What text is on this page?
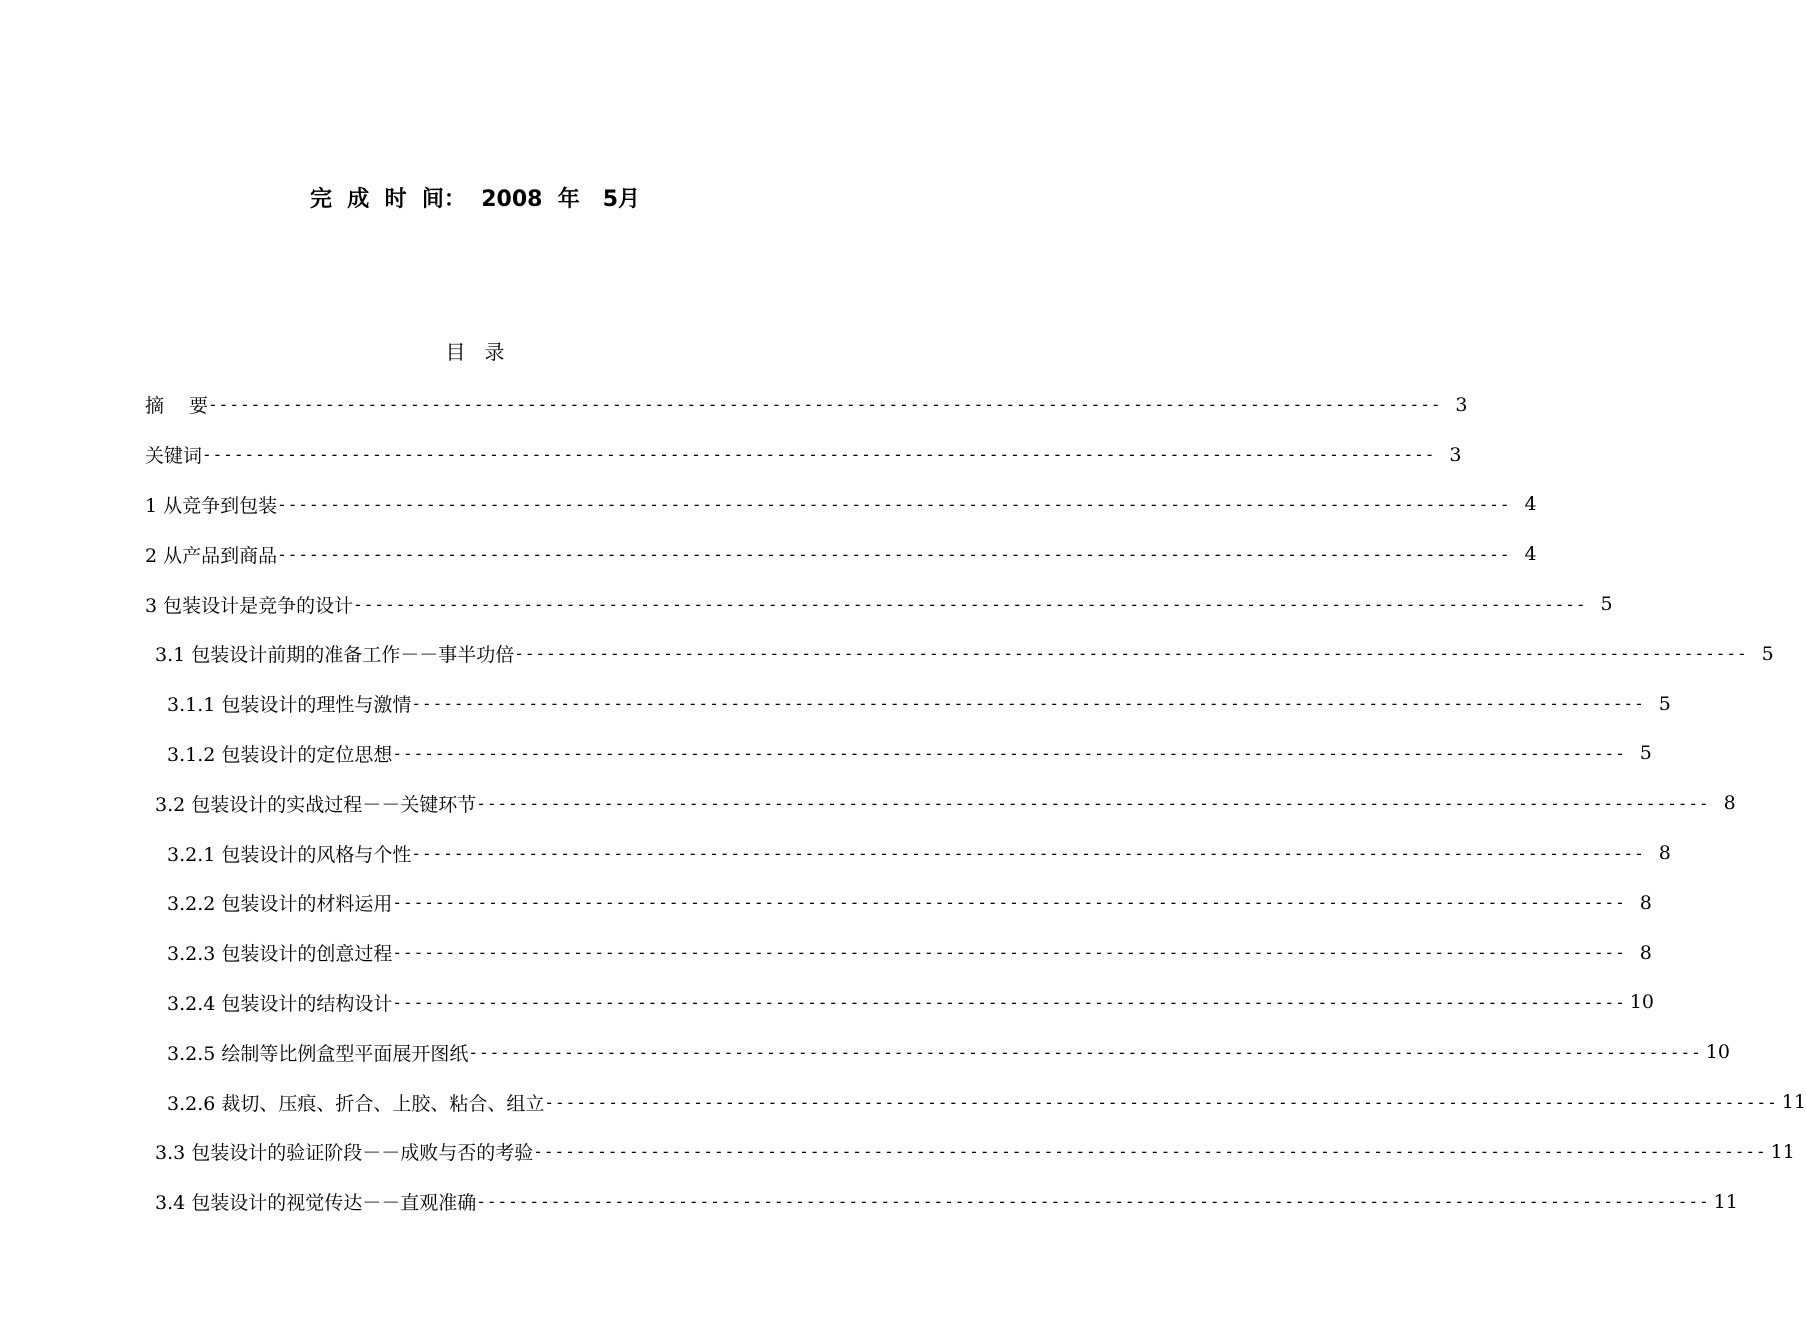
完  成  时  间：  2008  年   5月
目   录
摘　 要 -------------------------------------------------------------------------------------------------------------------- 3
关键词 -------------------------------------------------------------------------------------------------------------------- 3
1 从竞争到包装 -------------------------------------------------------------------------------------------------------------------- 4
2 从产品到商品 -------------------------------------------------------------------------------------------------------------------- 4
3 包装设计是竞争的设计 -------------------------------------------------------------------------------------------------------------------- 5
3.1 包装设计前期的准备工作－－事半功倍 -------------------------------------------------------------------------------------------------------------------- 5
3.1.1 包装设计的理性与激情 -------------------------------------------------------------------------------------------------------------------- 5
3.1.2 包装设计的定位思想 -------------------------------------------------------------------------------------------------------------------- 5
3.2 包装设计的实战过程－－关键环节 -------------------------------------------------------------------------------------------------------------------- 8
3.2.1 包装设计的风格与个性 -------------------------------------------------------------------------------------------------------------------- 8
3.2.2 包装设计的材料运用 -------------------------------------------------------------------------------------------------------------------- 8
3.2.3 包装设计的创意过程 -------------------------------------------------------------------------------------------------------------------- 8
3.2.4 包装设计的结构设计 -------------------------------------------------------------------------------------------------------------------- 10
3.2.5 绘制等比例盒型平面展开图纸 -------------------------------------------------------------------------------------------------------------------- 10
3.2.6 裁切、压痕、折合、上胶、粘合、组立 -------------------------------------------------------------------------------------------------------------------- 11
3.3 包装设计的验证阶段－－成败与否的考验 -------------------------------------------------------------------------------------------------------------------- 11
3.4 包装设计的视觉传达－－直观准确 -------------------------------------------------------------------------------------------------------------------- 11
